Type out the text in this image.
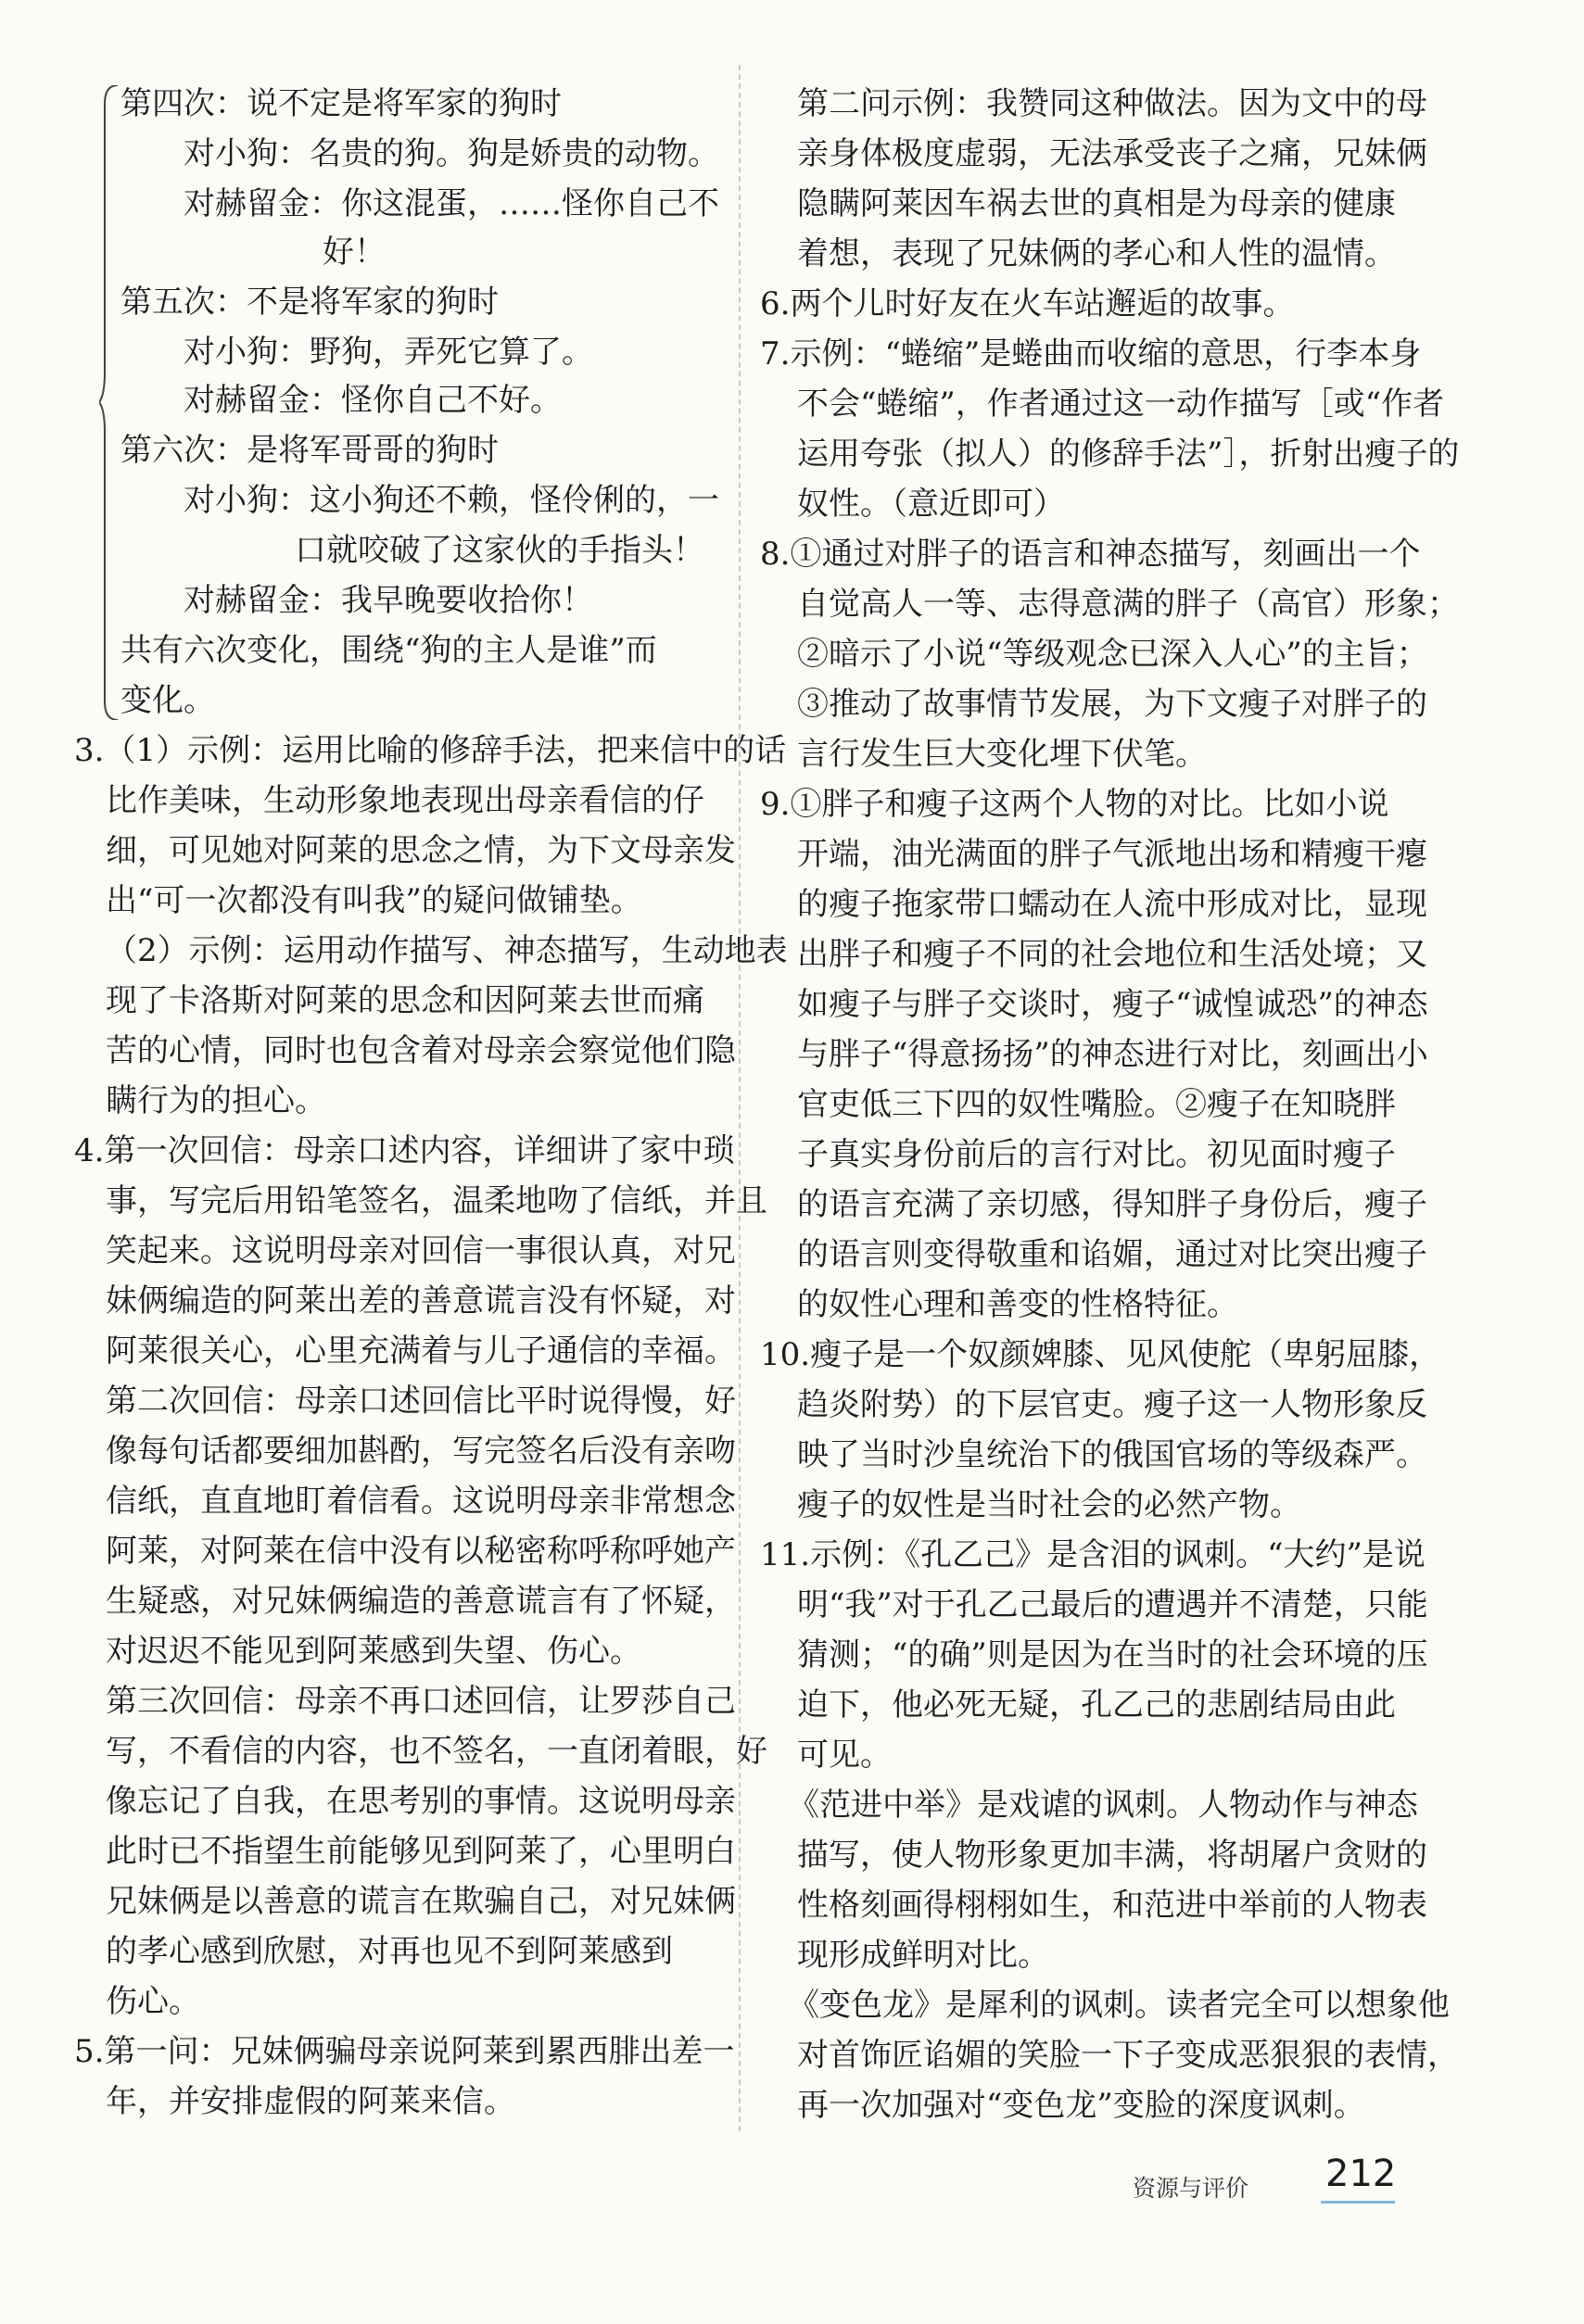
第四次：说不定是将军家的狗时
对小狗：名贵的狗。狗是娇贵的动物。
对赫留金：你这混蛋，……怪你自己不
好！
第五次：不是将军家的狗时
对小狗：野狗，弄死它算了。
对赫留金：怪你自己不好。
第六次：是将军哥哥的狗时
对小狗：这小狗还不赖，怪伶俐的，一
口就咬破了这家伙的手指头！
对赫留金：我早晚要收拾你！
共有六次变化，围绕“狗的主人是谁”而
变化。
3.（1）示例：运用比喻的修辞手法，把来信中的话
比作美味，生动形象地表现出母亲看信的仔
细，可见她对阿莱的思念之情，为下文母亲发
出“可一次都没有叫我”的疑问做铺垫。
（2）示例：运用动作描写、神态描写，生动地表
现了卡洛斯对阿莱的思念和因阿莱去世而痛
苦的心情，同时也包含着对母亲会察觉他们隐
瞒行为的担心。
4.第一次回信：母亲口述内容，详细讲了家中琐
事，写完后用铅笔签名，温柔地吻了信纸，并且
笑起来。这说明母亲对回信一事很认真，对兄
妹俩编造的阿莱出差的善意谎言没有怀疑，对
阿莱很关心，心里充满着与儿子通信的幸福。
第二次回信：母亲口述回信比平时说得慢，好
像每句话都要细加斟酌，写完签名后没有亲吻
信纸，直直地盯着信看。这说明母亲非常想念
阿莱，对阿莱在信中没有以秘密称呼称呼她产
生疑惑，对兄妹俩编造的善意谎言有了怀疑，
对迟迟不能见到阿莱感到失望、伤心。
第三次回信：母亲不再口述回信，让罗莎自己
写，不看信的内容，也不签名，一直闭着眼，好
像忘记了自我，在思考别的事情。这说明母亲
此时已不指望生前能够见到阿莱了，心里明白
兄妹俩是以善意的谎言在欺骗自己，对兄妹俩
的孝心感到欣慰，对再也见不到阿莱感到
伤心。
5.第一问：兄妹俩骗母亲说阿莱到累西腓出差一
年，并安排虚假的阿莱来信。
第二问示例：我赞同这种做法。因为文中的母
亲身体极度虚弱，无法承受丧子之痛，兄妹俩
隐瞒阿莱因车祸去世的真相是为母亲的健康
着想，表现了兄妹俩的孝心和人性的温情。
6.两个儿时好友在火车站邂逅的故事。
7.示例：“蜷缩”是蜷曲而收缩的意思，行李本身
不会“蜷缩”，作者通过这一动作描写［或“作者
运用夸张（拟人）的修辞手法”］，折射出瘦子的
奴性。（意近即可）
8.①通过对胖子的语言和神态描写，刻画出一个
自觉高人一等、志得意满的胖子（高官）形象；
②暗示了小说“等级观念已深入人心”的主旨；
③推动了故事情节发展，为下文瘦子对胖子的
言行发生巨大变化埋下伏笔。
9.①胖子和瘦子这两个人物的对比。比如小说
开端，油光满面的胖子气派地出场和精瘦干瘪
的瘦子拖家带口蠕动在人流中形成对比，显现
出胖子和瘦子不同的社会地位和生活处境；又
如瘦子与胖子交谈时，瘦子“诚惶诚恐”的神态
与胖子“得意扬扬”的神态进行对比，刻画出小
官吏低三下四的奴性嘴脸。②瘦子在知晓胖
子真实身份前后的言行对比。初见面时瘦子
的语言充满了亲切感，得知胖子身份后，瘦子
的语言则变得敬重和谄媚，通过对比突出瘦子
的奴性心理和善变的性格特征。
10.瘦子是一个奴颜婢膝、见风使舵（卑躬屈膝，
趋炎附势）的下层官吏。瘦子这一人物形象反
映了当时沙皇统治下的俄国官场的等级森严。
瘦子的奴性是当时社会的必然产物。
11.示例：《孔乙己》是含泪的讽刺。“大约”是说
明“我”对于孔乙己最后的遭遇并不清楚，只能
猜测；“的确”则是因为在当时的社会环境的压
迫下，他必死无疑，孔乙己的悲剧结局由此
可见。
《范进中举》是戏谑的讽刺。人物动作与神态
描写，使人物形象更加丰满，将胡屠户贪财的
性格刻画得栩栩如生，和范进中举前的人物表
现形成鲜明对比。
《变色龙》是犀利的讽刺。读者完全可以想象他
对首饰匠谄媚的笑脸一下子变成恶狠狠的表情，
再一次加强对“变色龙”变脸的深度讽刺。
资源与评价 212
